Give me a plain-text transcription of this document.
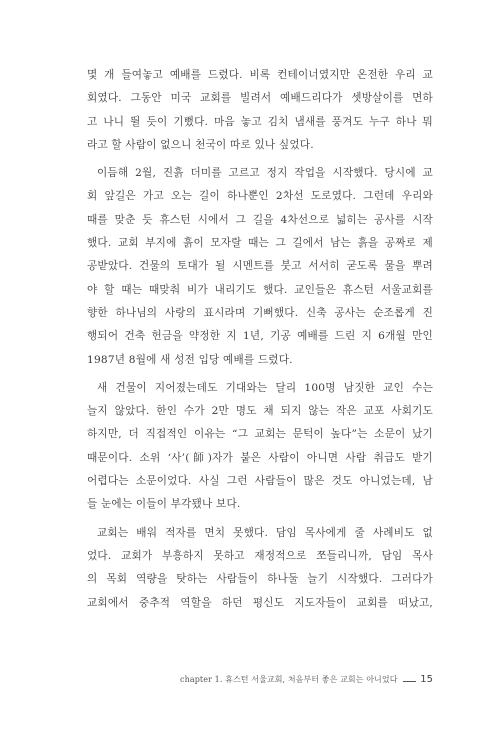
몇 개 들여놓고 예배를 드렸다. 비록 컨테이너였지만 온전한 우리 교
회였다. 그동안 미국 교회를 빌려서 예배드리다가 셋방살이를 면하
고 나니 뛸 듯이 기뻤다. 마음 놓고 김치 냄새를 풍겨도 누구 하나 뭐
라고 할 사람이 없으니 천국이 따로 있나 싶었다.

이듬해 2월, 진흙 더미를 고르고 정지 작업을 시작했다. 당시에 교
회 앞길은 가고 오는 길이 하나뿐인 2차선 도로였다. 그런데 우리와
때를 맞춘 듯 휴스턴 시에서 그 길을 4차선으로 넓히는 공사를 시작
했다. 교회 부지에 흙이 모자랄 때는 그 길에서 남는 흙을 공짜로 제
공받았다. 건물의 토대가 될 시멘트를 붓고 서서히 굳도록 물을 뿌려
야 할 때는 때맞춰 비가 내리기도 했다. 교인들은 휴스턴 서울교회를
향한 하나님의 사랑의 표시라며 기뻐했다. 신축 공사는 순조롭게 진
행되어 건축 헌금을 약정한 지 1년, 기공 예배를 드린 지 6개월 만인
1987년 8월에 새 성전 입당 예배를 드렸다.

새 건물이 지어졌는데도 기대와는 달리 100명 남짓한 교인 수는
늘지 않았다. 한인 수가 2만 명도 채 되지 않는 작은 교포 사회기도
하지만, 더 직접적인 이유는 “그 교회는 문턱이 높다”는 소문이 났기
때문이다. 소위 ‘사’(師)자가 붙은 사람이 아니면 사람 취급도 받기
어렵다는 소문이었다. 사실 그런 사람들이 많은 것도 아니었는데, 남
들 눈에는 이들이 부각됐나 보다.

교회는 배워 적자를 면치 못했다. 담임 목사에게 줄 사례비도 없
었다. 교회가 부흥하지 못하고 재정적으로 쪼들리니까, 담임 목사
의 목회 역량을 탓하는 사람들이 하나둘 늘기 시작했다. 그러다가
교회에서 중추적 역할을 하던 평신도 지도자들이 교회를 떠났고,

chapter 1. 휴스턴 서울교회, 처음부터 좋은 교회는 아니었다 15
